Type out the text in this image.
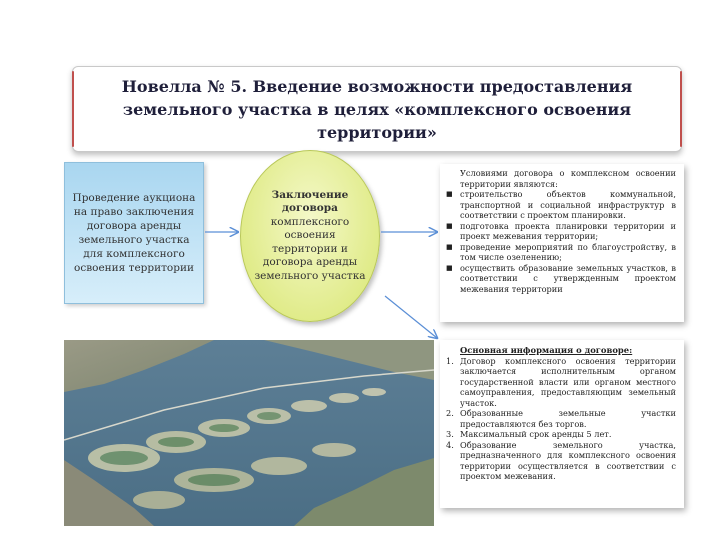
Новелла № 5. Введение возможности предоставления земельного участка в целях «комплексного освоения территории»
Проведение аукциона на право заключения договора аренды земельного участка для комплексного освоения территории
Заключение договора
комплексного освоения территории и договора аренды земельного участка
Условиями договора о комплексном освоении территории являются:
■ строительство объектов коммунальной, транспортной и социальной инфраструктур в соответствии с проектом планировки.
■ подготовка проекта планировки территории и проект межевания территории;
■ проведение мероприятий по благоустройству, в том числе озеленению;
■ осуществить образование земельных участков, в соответствии с утвержденным проектом межевания территории
Основная информация о договоре:
1. Договор комплексного освоения территории заключается исполнительным органом государственной власти или органом местного самоуправления, предоставляющим земельный участок.
2. Образованные земельные участки предоставляются без торгов.
3. Максимальный срок аренды 5 лет.
4. Образование земельного участка, предназначенного для комплексного освоения территории осуществляется в соответствии с проектом межевания.
